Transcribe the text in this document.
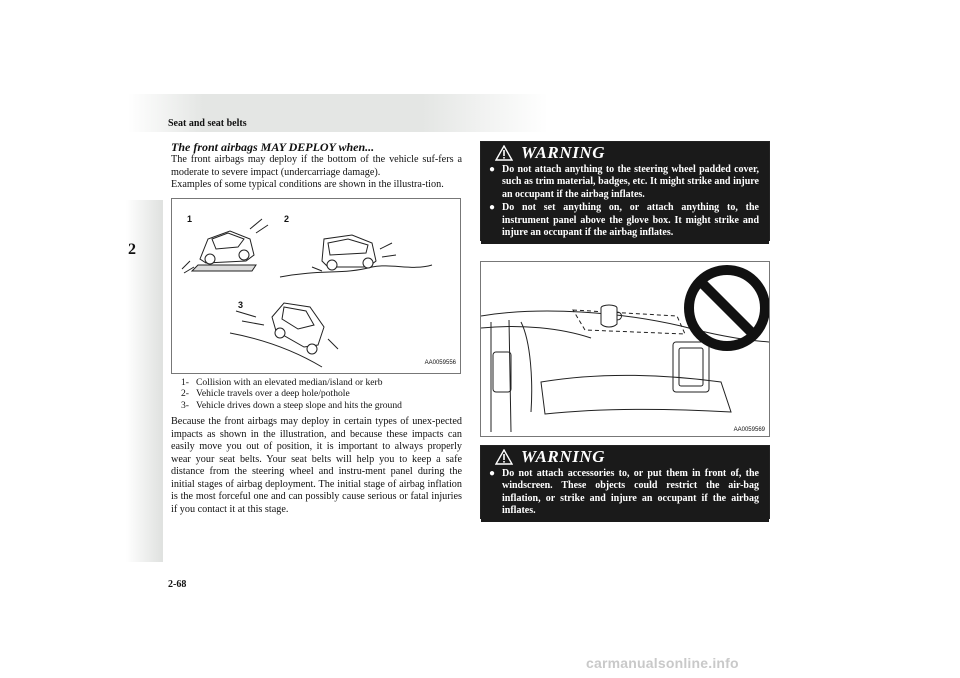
Seat and seat belts
2
The front airbags MAY DEPLOY when...

The front airbags may deploy if the bottom of the vehicle suf-fers a moderate to severe impact (undercarriage damage).

Examples of some typical conditions are shown in the illustra-tion.

1	2
3
AA0059556
1- Collision with an elevated median/island or kerb
2- Vehicle travels over a deep hole/pothole
3- Vehicle drives down a steep slope and hits the ground

Because the front airbags may deploy in certain types of unex-pected impacts as shown in the illustration, and because these impacts can easily move you out of position, it is important to always properly wear your seat belts. Your seat belts will help you to keep a safe distance from the steering wheel and instru-ment panel during the initial stages of airbag deployment. The initial stage of airbag inflation is the most forceful one and can possibly cause serious or fatal injuries if you contact it at this stage.

WARNING
● Do not attach anything to the steering wheel padded cover, such as trim material, badges, etc. It might strike and injure an occupant if the airbag inflates.
● Do not set anything on, or attach anything to, the instrument panel above the glove box. It might strike and injure an occupant if the airbag inflates.
AA0059569
WARNING
● Do not attach accessories to, or put them in front of, the windscreen. These objects could restrict the air-bag inflation, or strike and injure an occupant if the airbag inflates.
2-68
carmanualsonline.info
